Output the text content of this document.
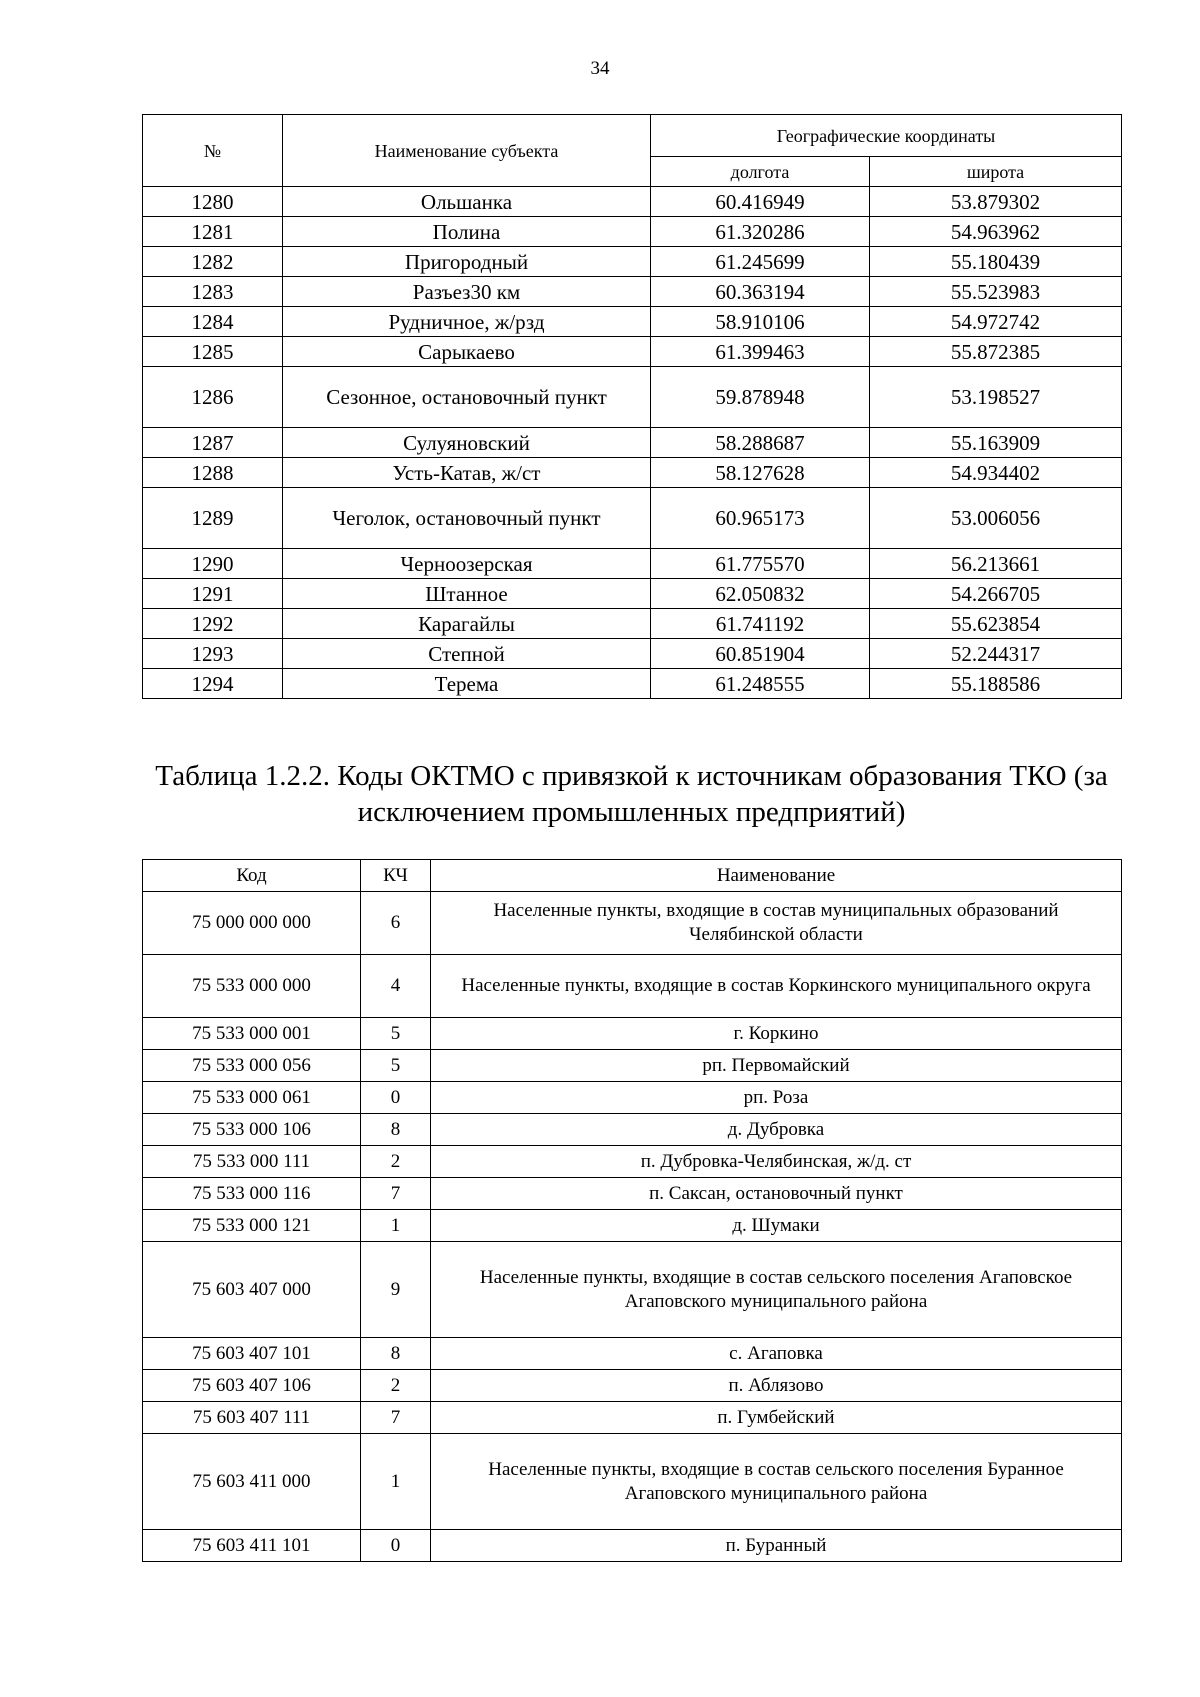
34
№	Наименование субъекта	Географические координаты	
		долгота	широта
1280	Ольшанка	60.416949	53.879302
1281	Полина	61.320286	54.963962
1282	Пригородный	61.245699	55.180439
1283	Разъез30 км	60.363194	55.523983
1284	Рудничное, ж/рзд	58.910106	54.972742
1285	Сарыкаево	61.399463	55.872385
1286	Сезонное, остановочный пункт	59.878948	53.198527
1287	Сулуяновский	58.288687	55.163909
1288	Усть-Катав, ж/ст	58.127628	54.934402
1289	Чеголок, остановочный пункт	60.965173	53.006056
1290	Черноозерская	61.775570	56.213661
1291	Штанное	62.050832	54.266705
1292	Карагайлы	61.741192	55.623854
1293	Степной	60.851904	52.244317
1294	Терема	61.248555	55.188586
Таблица 1.2.2. Коды ОКТМО с привязкой к источникам образования ТКО (за исключением промышленных предприятий)
Код	КЧ	Наименование
75 000 000 000	6	Населенные пункты, входящие в состав муниципальных образований Челябинской области
75 533 000 000	4	Населенные пункты, входящие в состав Коркинского муниципального округа
75 533 000 001	5	г. Коркино
75 533 000 056	5	рп. Первомайский
75 533 000 061	0	рп. Роза
75 533 000 106	8	д. Дубровка
75 533 000 111	2	п. Дубровка-Челябинская, ж/д. ст
75 533 000 116	7	п. Саксан, остановочный пункт
75 533 000 121	1	д. Шумаки
75 603 407 000	9	Населенные пункты, входящие в состав сельского поселения Агаповское Агаповского муниципального района
75 603 407 101	8	с. Агаповка
75 603 407 106	2	п. Аблязово
75 603 407 111	7	п. Гумбейский
75 603 411 000	1	Населенные пункты, входящие в состав сельского поселения Буранное Агаповского муниципального района
75 603 411 101	0	п. Буранный
